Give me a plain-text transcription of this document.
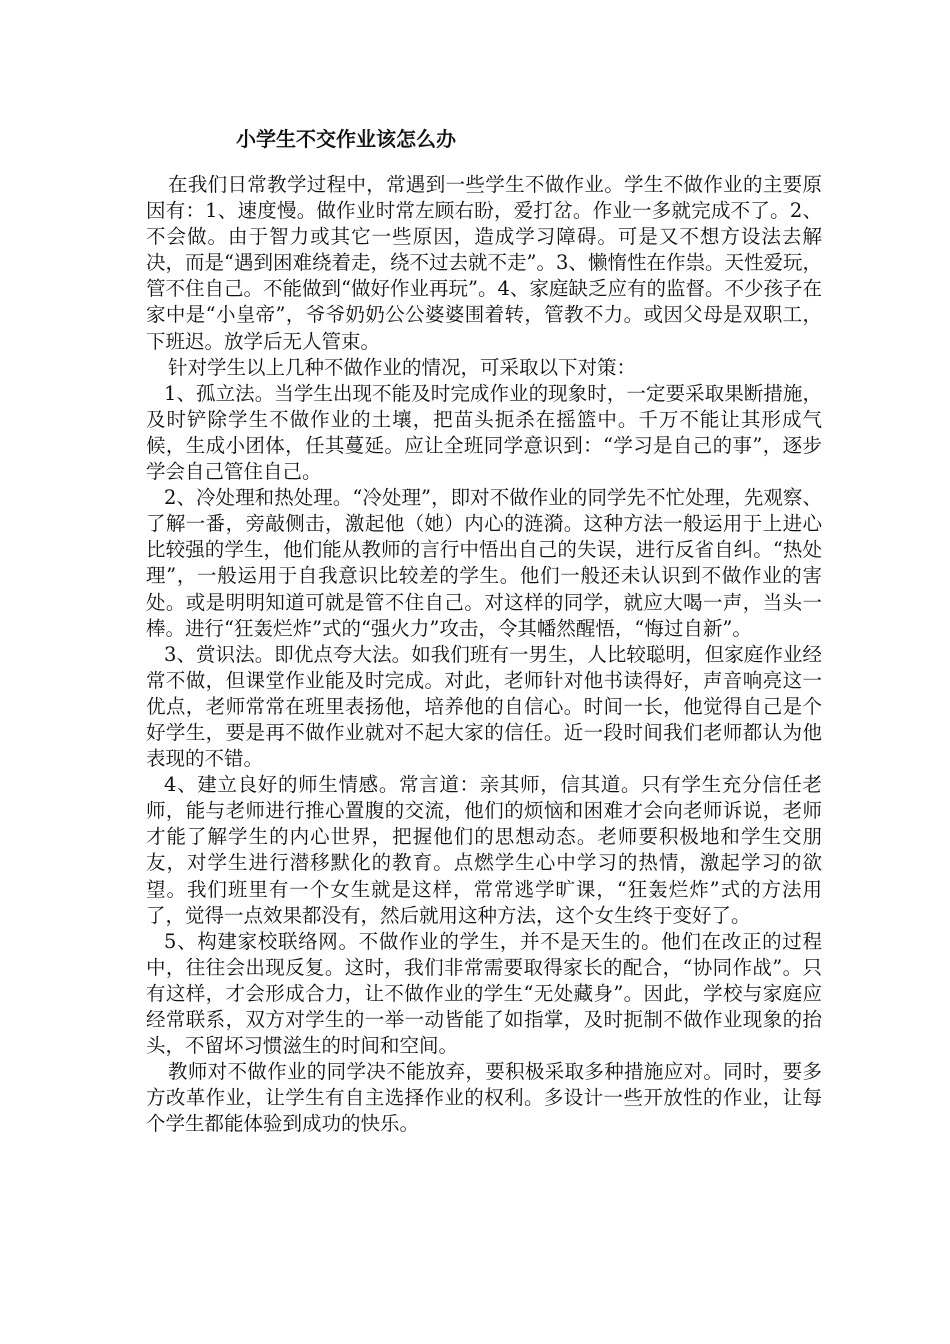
小学生不交作业该怎么办

在我们日常教学过程中，常遇到一些学生不做作业。学生不做作业的主要原因有：1、速度慢。做作业时常左顾右盼，爱打岔。作业一多就完成不了。2、不会做。由于智力或其它一些原因，造成学习障碍。可是又不想方设法去解决，而是“遇到困难绕着走，绕不过去就不走”。3、懒惰性在作祟。天性爱玩，管不住自己。不能做到“做好作业再玩”。4、家庭缺乏应有的监督。不少孩子在家中是“小皇帝”，爷爷奶奶公公婆婆围着转，管教不力。或因父母是双职工，下班迟。放学后无人管束。

针对学生以上几种不做作业的情况，可采取以下对策：

1、孤立法。当学生出现不能及时完成作业的现象时，一定要采取果断措施，及时铲除学生不做作业的土壤，把苗头扼杀在摇篮中。千万不能让其形成气候，生成小团体，任其蔓延。应让全班同学意识到：“学习是自己的事”，逐步学会自己管住自己。

2、冷处理和热处理。“冷处理”，即对不做作业的同学先不忙处理，先观察、了解一番，旁敲侧击，激起他（她）内心的涟漪。这种方法一般运用于上进心比较强的学生，他们能从教师的言行中悟出自己的失误，进行反省自纠。“热处理”，一般运用于自我意识比较差的学生。他们一般还未认识到不做作业的害处。或是明明知道可就是管不住自己。对这样的同学，就应大喝一声，当头一棒。进行“狂轰烂炸”式的“强火力”攻击，令其幡然醒悟，“悔过自新”。

3、赏识法。即优点夸大法。如我们班有一男生，人比较聪明，但家庭作业经常不做，但课堂作业能及时完成。对此，老师针对他书读得好，声音响亮这一优点，老师常常在班里表扬他，培养他的自信心。时间一长，他觉得自己是个好学生，要是再不做作业就对不起大家的信任。近一段时间我们老师都认为他表现的不错。

4、建立良好的师生情感。常言道：亲其师，信其道。只有学生充分信任老师，能与老师进行推心置腹的交流，他们的烦恼和困难才会向老师诉说，老师才能了解学生的内心世界，把握他们的思想动态。老师要积极地和学生交朋友，对学生进行潜移默化的教育。点燃学生心中学习的热情，激起学习的欲望。我们班里有一个女生就是这样，常常逃学旷课，“狂轰烂炸”式的方法用了，觉得一点效果都没有，然后就用这种方法，这个女生终于变好了。

5、构建家校联络网。不做作业的学生，并不是天生的。他们在改正的过程中，往往会出现反复。这时，我们非常需要取得家长的配合，“协同作战”。只有这样，才会形成合力，让不做作业的学生“无处藏身”。因此，学校与家庭应经常联系，双方对学生的一举一动皆能了如指掌，及时扼制不做作业现象的抬头，不留坏习惯滋生的时间和空间。

教师对不做作业的同学决不能放弃，要积极采取多种措施应对。同时，要多方改革作业，让学生有自主选择作业的权利。多设计一些开放性的作业，让每个学生都能体验到成功的快乐。
